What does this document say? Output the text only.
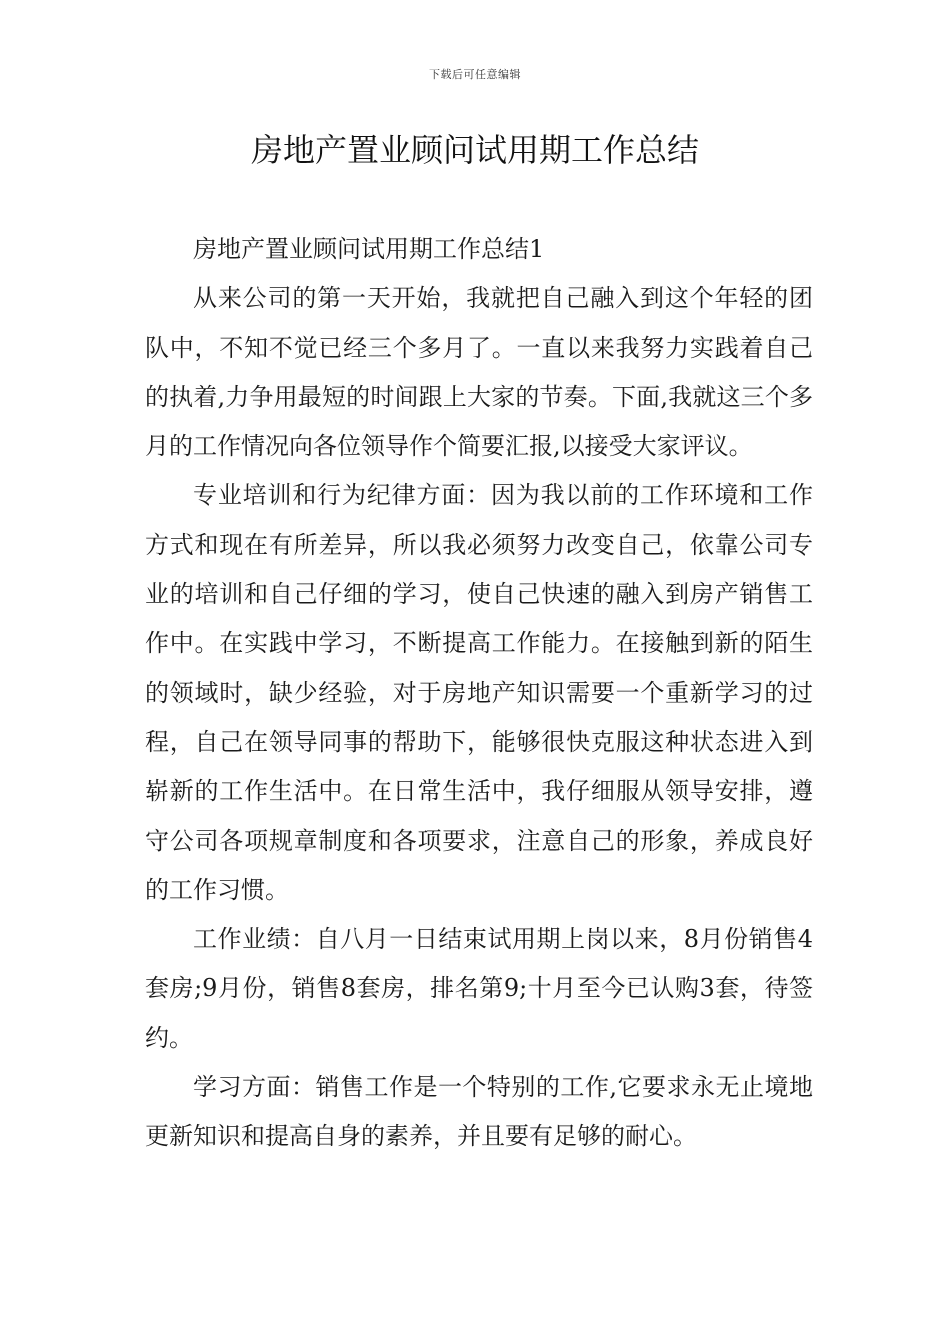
下载后可任意编辑
房地产置业顾问试用期工作总结

房地产置业顾问试用期工作总结1

从来公司的第一天开始，我就把自己融入到这个年轻的团队中，不知不觉已经三个多月了。一直以来我努力实践着自己的执着,力争用最短的时间跟上大家的节奏。下面,我就这三个多月的工作情况向各位领导作个简要汇报,以接受大家评议。

专业培训和行为纪律方面：因为我以前的工作环境和工作方式和现在有所差异，所以我必须努力改变自己，依靠公司专业的培训和自己仔细的学习，使自己快速的融入到房产销售工作中。在实践中学习，不断提高工作能力。在接触到新的陌生的领域时，缺少经验，对于房地产知识需要一个重新学习的过程，自己在领导同事的帮助下，能够很快克服这种状态进入到崭新的工作生活中。在日常生活中，我仔细服从领导安排，遵守公司各项规章制度和各项要求，注意自己的形象，养成良好的工作习惯。

工作业绩：自八月一日结束试用期上岗以来，8月份销售4套房;9月份，销售8套房，排名第9;十月至今已认购3套，待签约。

学习方面：销售工作是一个特别的工作,它要求永无止境地更新知识和提高自身的素养，并且要有足够的耐心。
